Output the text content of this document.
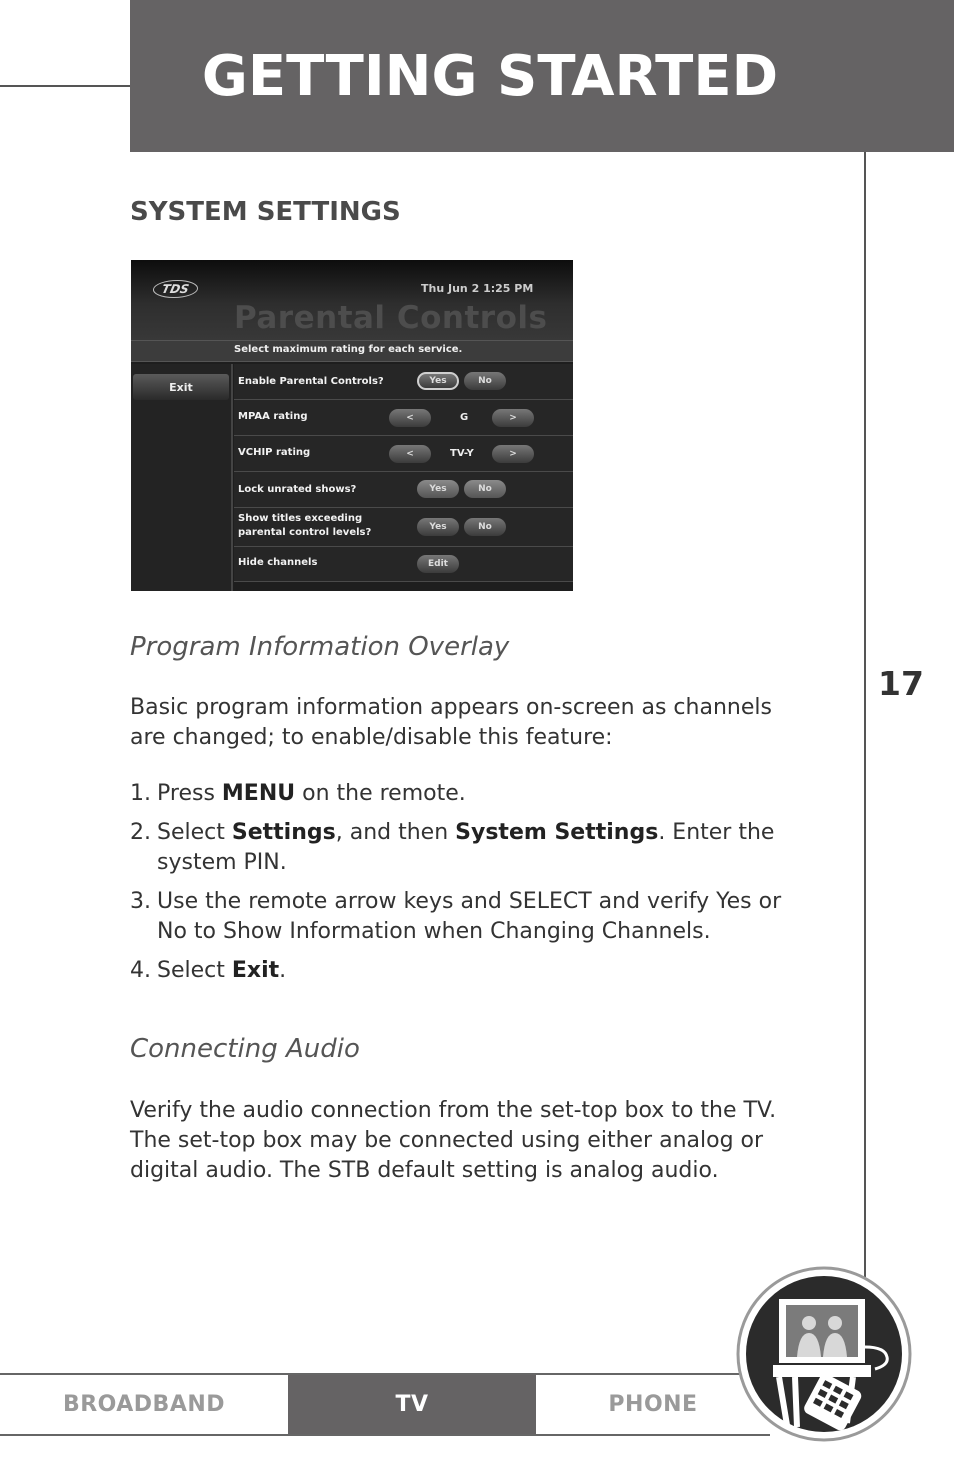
GETTING STARTED
17
SYSTEM SETTINGS
TDS	Thu Jun 2 1:25 PM
Parental Controls
Select maximum rating for each service.
Exit	Enable Parental Controls?	Yes	No
MPAA rating	<	G	>
VCHIP rating	<	TV-Y	>
Lock unrated shows?	Yes	No
Show titles exceeding
parental control levels?	Yes	No
Hide channels	Edit
Program Information Overlay

Basic program information appears on-screen as channels are changed; to enable/disable this feature:

1. Press MENU on the remote.
2. Select Settings, and then System Settings. Enter the system PIN.
3. Use the remote arrow keys and SELECT and verify Yes or No to Show Information when Changing Channels.
4. Select Exit.
Connecting Audio

Verify the audio connection from the set-top box to the TV. The set-top box may be connected using either analog or digital audio. The STB default setting is analog audio.

BROADBAND	TV	PHONE
